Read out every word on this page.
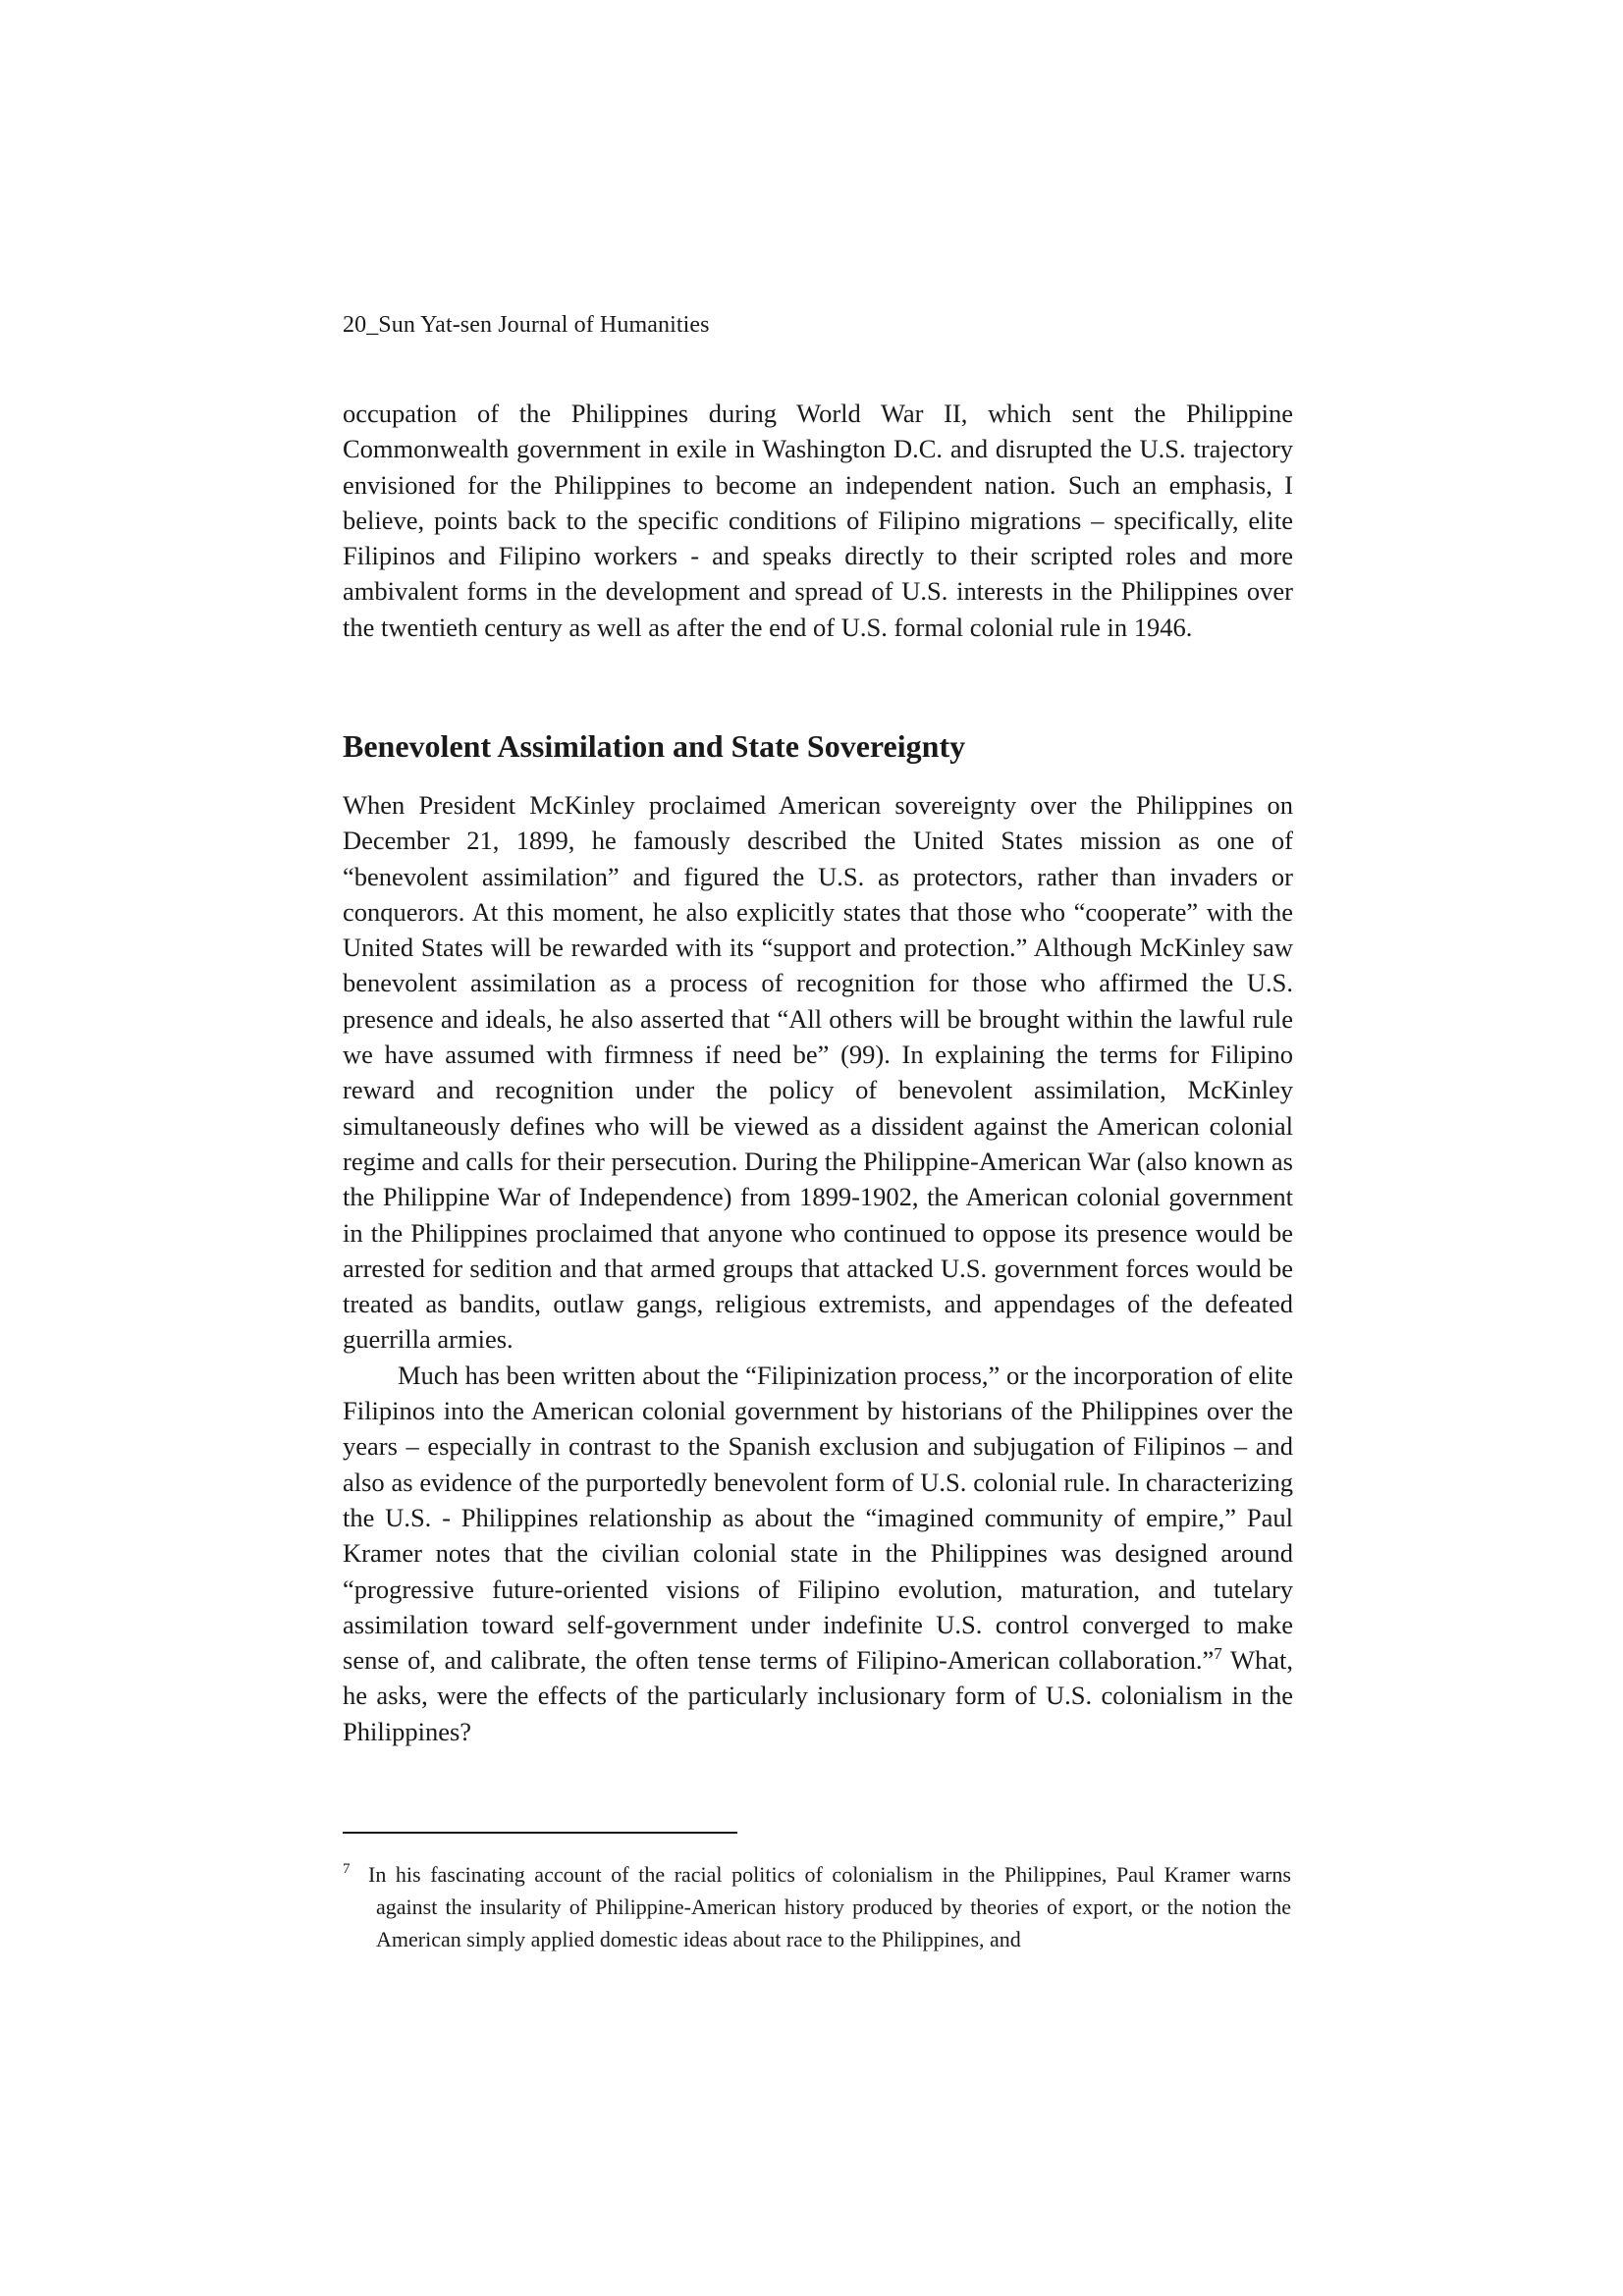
20_Sun Yat-sen Journal of Humanities

occupation of the Philippines during World War II, which sent the Philippine Commonwealth government in exile in Washington D.C. and disrupted the U.S. trajectory envisioned for the Philippines to become an independent nation. Such an emphasis, I believe, points back to the specific conditions of Filipino migrations – specifically, elite Filipinos and Filipino workers - and speaks directly to their scripted roles and more ambivalent forms in the development and spread of U.S. interests in the Philippines over the twentieth century as well as after the end of U.S. formal colonial rule in 1946.

Benevolent Assimilation and State Sovereignty

When President McKinley proclaimed American sovereignty over the Philippines on December 21, 1899, he famously described the United States mission as one of “benevolent assimilation” and figured the U.S. as protectors, rather than invaders or conquerors. At this moment, he also explicitly states that those who “cooperate” with the United States will be rewarded with its “support and protection.” Although McKinley saw benevolent assimilation as a process of recognition for those who affirmed the U.S. presence and ideals, he also asserted that “All others will be brought within the lawful rule we have assumed with firmness if need be” (99). In explaining the terms for Filipino reward and recognition under the policy of benevolent assimilation, McKinley simultaneously defines who will be viewed as a dissident against the American colonial regime and calls for their persecution. During the Philippine-American War (also known as the Philippine War of Independence) from 1899-1902, the American colonial government in the Philippines proclaimed that anyone who continued to oppose its presence would be arrested for sedition and that armed groups that attacked U.S. government forces would be treated as bandits, outlaw gangs, religious extremists, and appendages of the defeated guerrilla armies.

Much has been written about the “Filipinization process,” or the incorporation of elite Filipinos into the American colonial government by historians of the Philippines over the years – especially in contrast to the Spanish exclusion and subjugation of Filipinos – and also as evidence of the purportedly benevolent form of U.S. colonial rule. In characterizing the U.S. - Philippines relationship as about the “imagined community of empire,” Paul Kramer notes that the civilian colonial state in the Philippines was designed around “progressive future-oriented visions of Filipino evolution, maturation, and tutelary assimilation toward self-government under indefinite U.S. control converged to make sense of, and calibrate, the often tense terms of Filipino-American collaboration.”$^7$ What, he asks, were the effects of the particularly inclusionary form of U.S. colonialism in the Philippines?

7 In his fascinating account of the racial politics of colonialism in the Philippines, Paul Kramer warns against the insularity of Philippine-American history produced by theories of export, or the notion the American simply applied domestic ideas about race to the Philippines, and
